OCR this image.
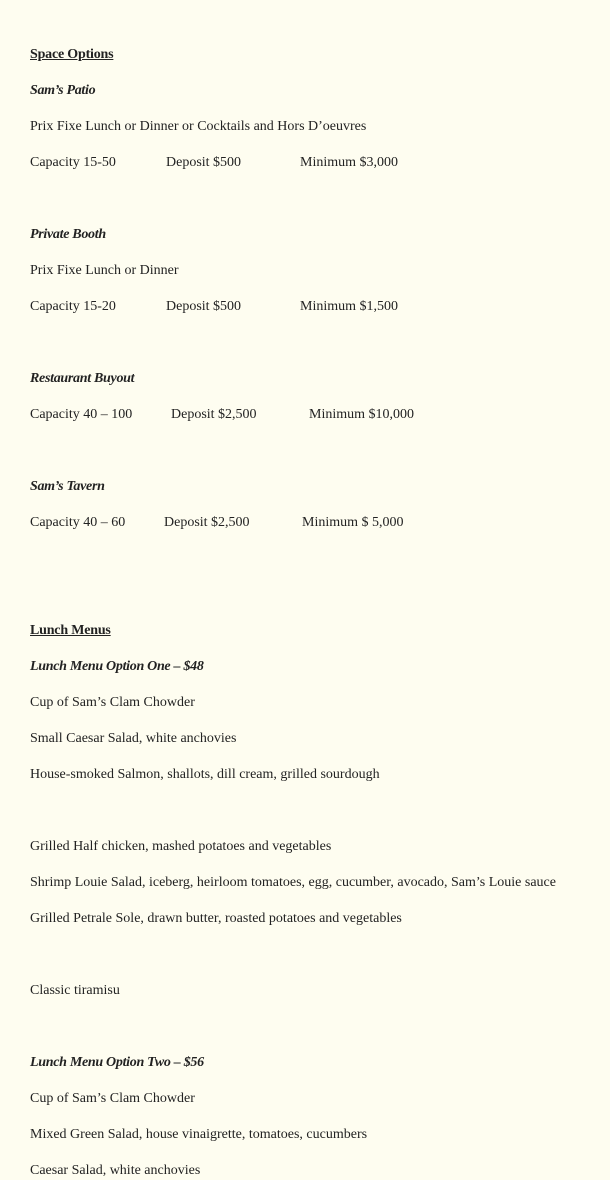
Space Options
Sam’s Patio
Prix Fixe Lunch or Dinner or Cocktails and Hors D’oeuvres
Capacity 15-50	Deposit $500	Minimum $3,000
Private Booth
Prix Fixe Lunch or Dinner
Capacity 15-20	Deposit $500	Minimum $1,500
Restaurant Buyout
Capacity 40 – 100	Deposit $2,500	Minimum $10,000
Sam’s Tavern
Capacity 40 – 60	Deposit $2,500	Minimum $ 5,000
Lunch Menus
Lunch Menu Option One – $48
Cup of Sam’s Clam Chowder
Small Caesar Salad, white anchovies
House-smoked Salmon, shallots, dill cream, grilled sourdough
Grilled Half chicken, mashed potatoes and vegetables
Shrimp Louie Salad, iceberg, heirloom tomatoes, egg, cucumber, avocado, Sam’s Louie sauce
Grilled Petrale Sole, drawn butter, roasted potatoes and vegetables
Classic tiramisu
Lunch Menu Option Two – $56
Cup of Sam’s Clam Chowder
Mixed Green Salad, house vinaigrette, tomatoes, cucumbers
Caesar Salad, white anchovies
